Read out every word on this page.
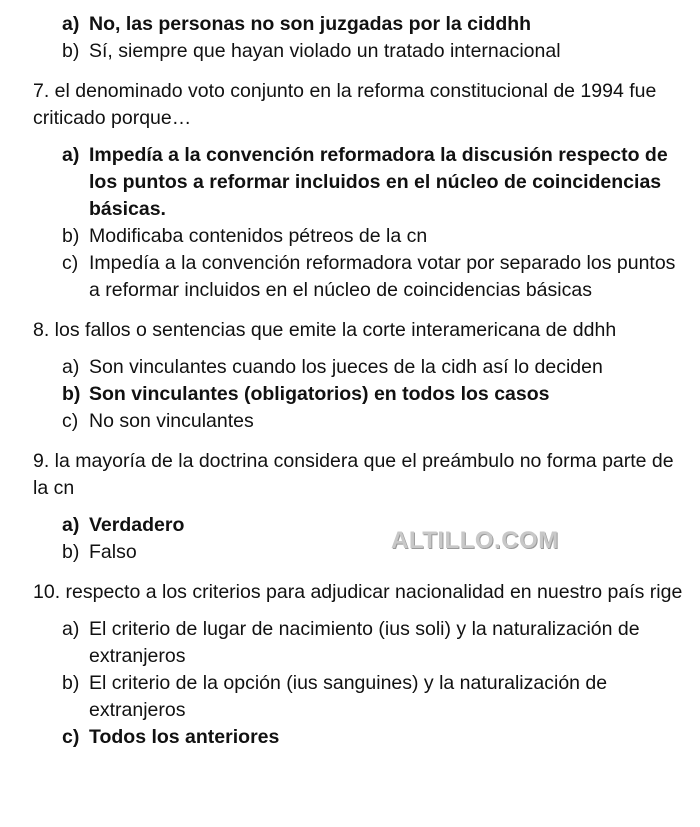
a) No, las personas no son juzgadas por la ciddhh
b) Sí, siempre que hayan violado un tratado internacional
7. el denominado voto conjunto en la reforma constitucional de 1994 fue criticado porque…
a) Impedía a la convención reformadora la discusión respecto de los puntos a reformar incluidos en el núcleo de coincidencias básicas.
b) Modificaba contenidos pétreos de la cn
c) Impedía a la convención reformadora votar por separado los puntos a reformar incluidos en el núcleo de coincidencias básicas
8. los fallos o sentencias que emite la corte interamericana de ddhh
a) Son vinculantes cuando los jueces de la cidh así lo deciden
b) Son vinculantes (obligatorios) en todos los casos
c) No son vinculantes
9. la mayoría de la doctrina considera que el preámbulo no forma parte de la cn
a) Verdadero
b) Falso
10. respecto a los criterios para adjudicar nacionalidad en nuestro país rige
a) El criterio de lugar de nacimiento (ius soli) y la naturalización de extranjeros
b) El criterio de la opción (ius sanguines) y la naturalización de extranjeros
c) Todos los anteriores
ALTILLO.COM
